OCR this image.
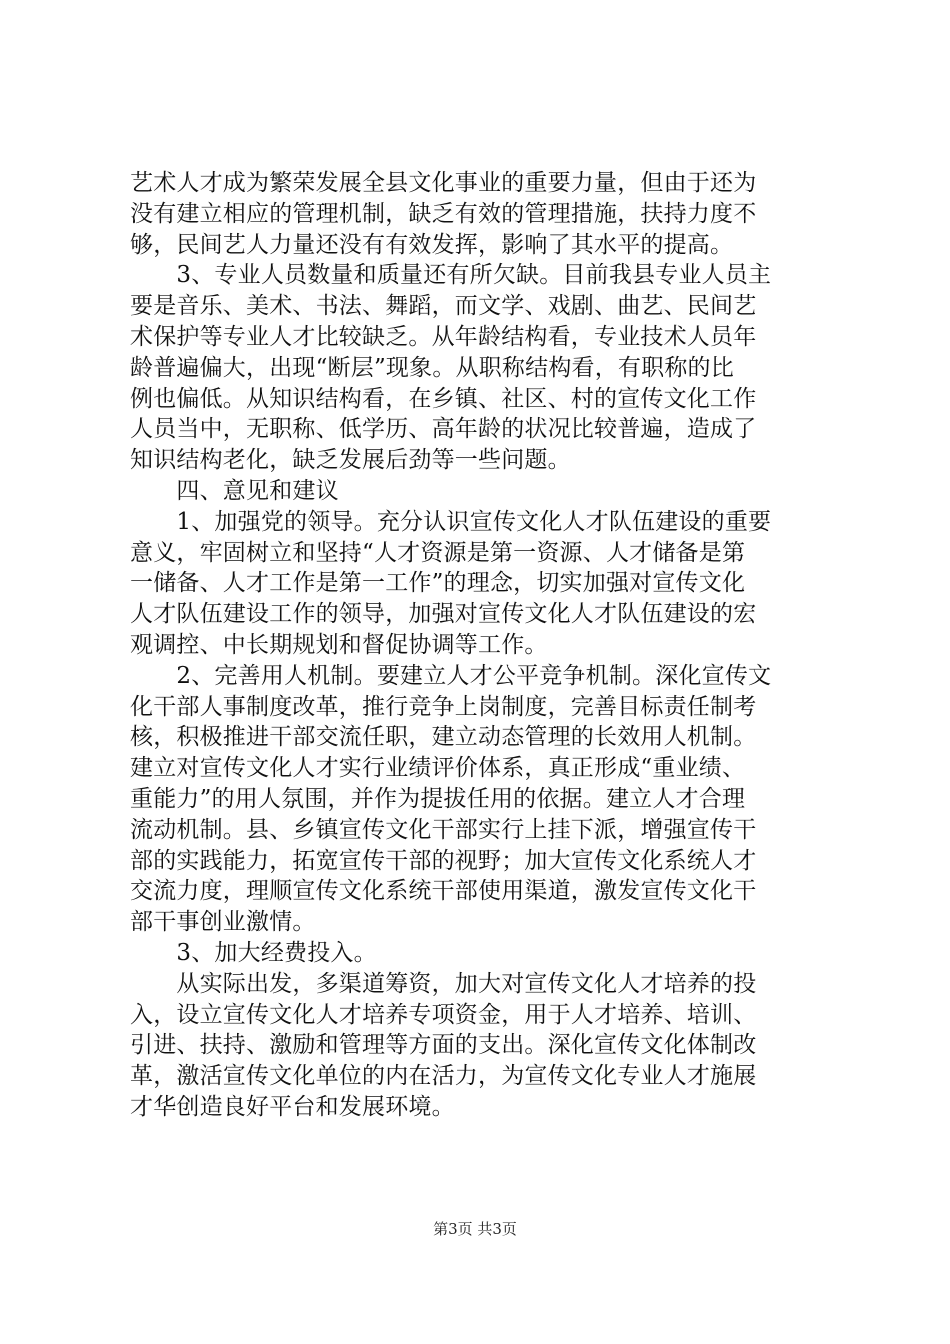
艺术人才成为繁荣发展全县文化事业的重要力量，但由于还为
没有建立相应的管理机制，缺乏有效的管理措施，扶持力度不
够，民间艺人力量还没有有效发挥，影响了其水平的提高。
　　3、专业人员数量和质量还有所欠缺。目前我县专业人员主
要是音乐、美术、书法、舞蹈，而文学、戏剧、曲艺、民间艺
术保护等专业人才比较缺乏。从年龄结构看，专业技术人员年
龄普遍偏大，出现“断层”现象。从职称结构看，有职称的比
例也偏低。从知识结构看，在乡镇、社区、村的宣传文化工作
人员当中，无职称、低学历、高年龄的状况比较普遍，造成了
知识结构老化，缺乏发展后劲等一些问题。
　　四、意见和建议
　　1、加强党的领导。充分认识宣传文化人才队伍建设的重要
意义，牢固树立和坚持“人才资源是第一资源、人才储备是第
一储备、人才工作是第一工作”的理念，切实加强对宣传文化
人才队伍建设工作的领导，加强对宣传文化人才队伍建设的宏
观调控、中长期规划和督促协调等工作。
　　2、完善用人机制。要建立人才公平竞争机制。深化宣传文
化干部人事制度改革，推行竞争上岗制度，完善目标责任制考
核，积极推进干部交流任职，建立动态管理的长效用人机制。
建立对宣传文化人才实行业绩评价体系，真正形成“重业绩、
重能力”的用人氛围，并作为提拔任用的依据。建立人才合理
流动机制。县、乡镇宣传文化干部实行上挂下派，增强宣传干
部的实践能力，拓宽宣传干部的视野；加大宣传文化系统人才
交流力度，理顺宣传文化系统干部使用渠道，激发宣传文化干
部干事创业激情。
　　3、加大经费投入。
　　从实际出发，多渠道筹资，加大对宣传文化人才培养的投
入，设立宣传文化人才培养专项资金，用于人才培养、培训、
引进、扶持、激励和管理等方面的支出。深化宣传文化体制改
革，激活宣传文化单位的内在活力，为宣传文化专业人才施展
才华创造良好平台和发展环境。
第3页 共3页
